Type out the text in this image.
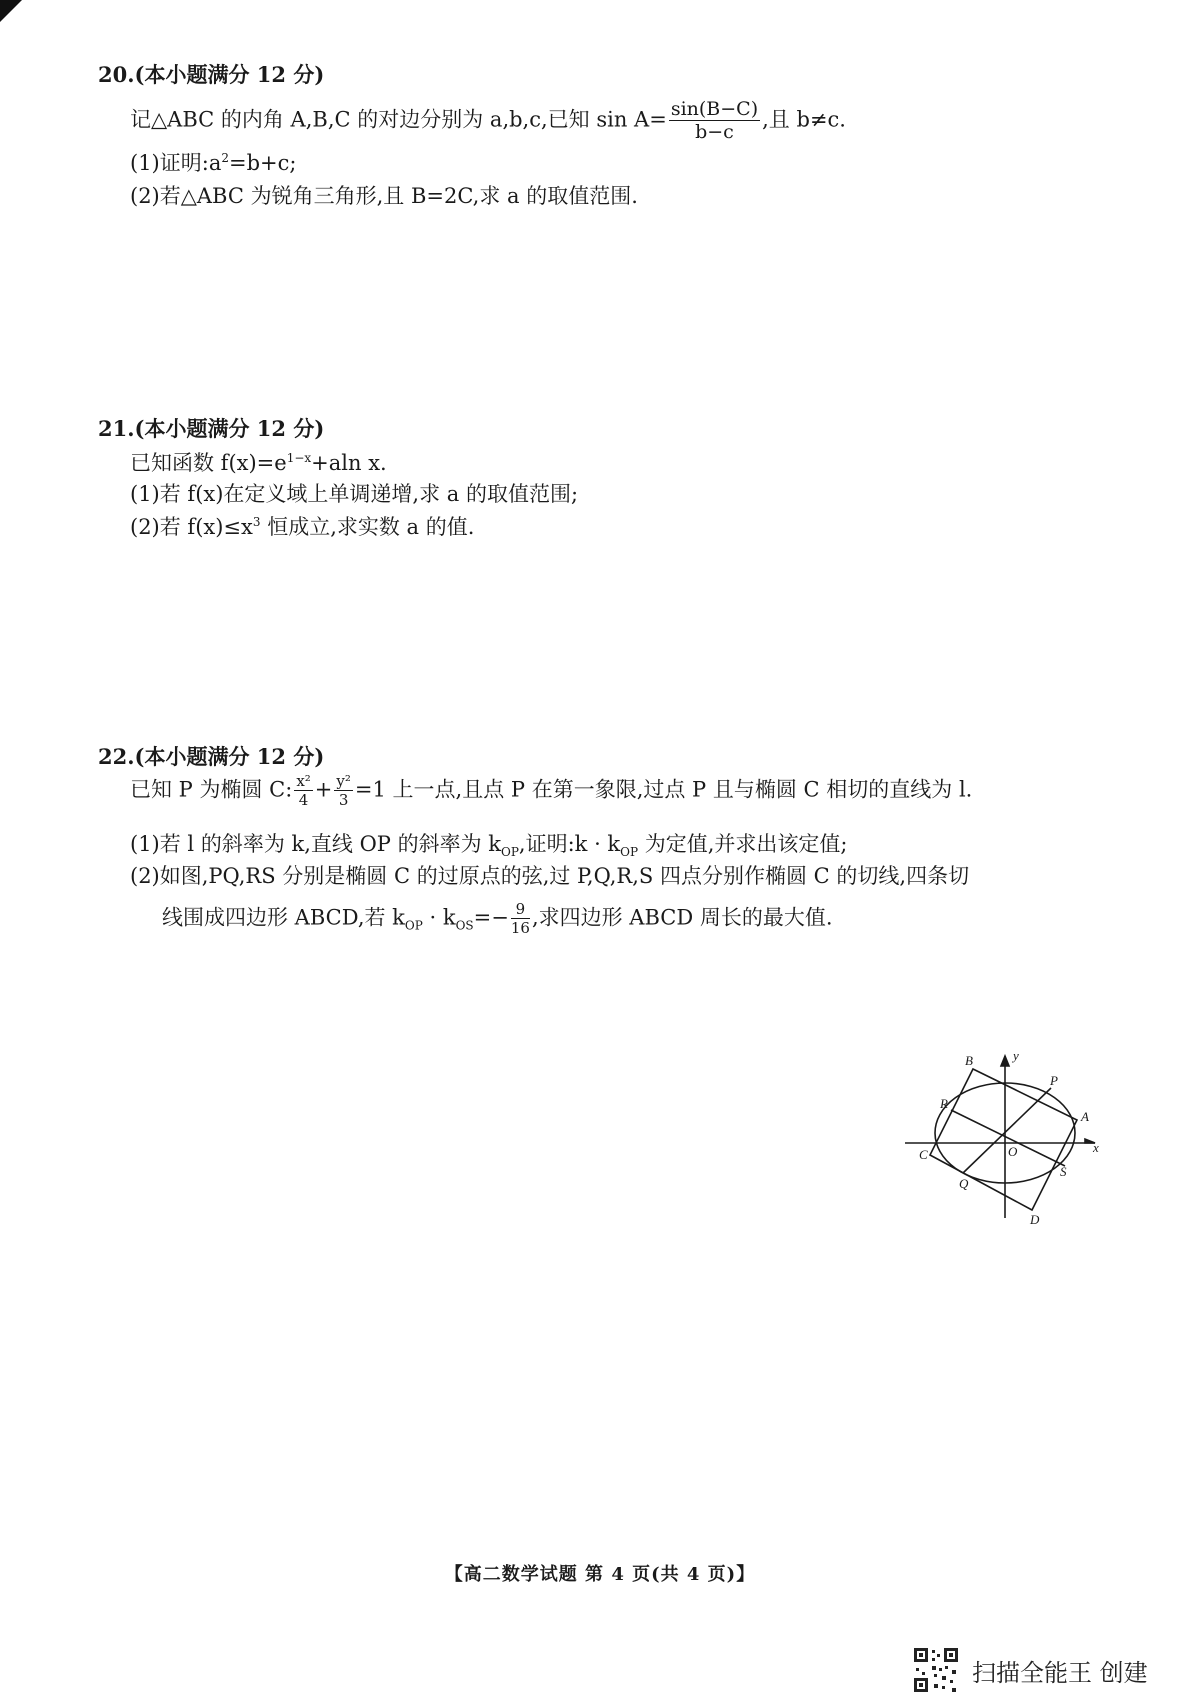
20.(本小题满分 12 分)
记△ABC 的内角 A,B,C 的对边分别为 a,b,c,已知 $\sin A= \frac{\sin(B-C)}{b-c}$ ,且 b≠c.
(1)证明$:a^2=b+c$;
(2)若△ABC 为锐角三角形,且 B=2C,求 a 的取值范围.
21.(本小题满分 12 分)
已知函数 $f(x)=e^{1-x}+aln$ x.
(1)若 f(x)在定义域上单调递增,求 a 的取值范围;
(2)若 $f(x)\le x^3$ 恒成立,求实数 a 的值.
22.(本小题满分 12 分)
已知 P 为椭圆 C: $\frac{\text{x²}}{4} + \frac{\text{y²}}{3} =1$ 上一点,且点 P 在第一象限,过点 P 且与椭圆 C 相切的直线为 l.
(1)若 l 的斜率为 k,直线 OP 的斜率为 $k_{OP}$,证明:k · $k_{OP}$ 为定值,并求出该定值;
(2)如图,PQ,RS 分别是椭圆 C 的过原点的弦,过 P,Q,R,S 四点分别作椭圆 C 的切线,四条切
线围成四边形 ABCD,若 $k_{OP} \cdot k_{OS}=- \frac{9}{16}$ ,求四边形 ABCD 周长的最大值.
B
A
C
D
P
Q
R
S
O	x
y
【高二数学试题 第 4 页(共 4 页)】
扫描全能王 创建
